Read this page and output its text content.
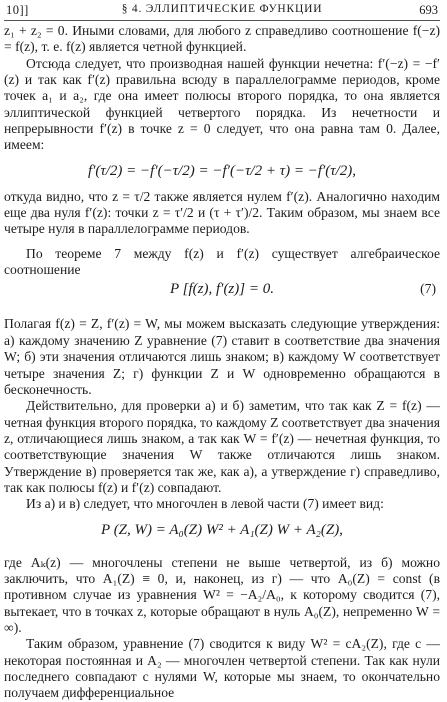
10]]	§ 4. ЭЛЛИПТИЧЕСКИЕ ФУНКЦИИ	693

z₁ + z₂ = 0. Иными словами, для любого z справедливо соотношение f(−z) = f(z), т. е. f(z) является четной функцией.

Отсюда следует, что производная нашей функции нечетна: f′(−z) = −f′(z) и так как f′(z) правильна всюду в параллелограмме периодов, кроме точек a₁ и a₂, где она имеет полюсы второго порядка, то она является эллиптической функцией четвертого порядка. Из нечетности и непрерывности f′(z) в точке z = 0 следует, что она равна там 0. Далее, имеем:

f′(τ/2) = −f′(−τ/2) = −f′(−τ/2 + τ) = −f′(τ/2),

откуда видно, что z = τ/2 также является нулем f′(z). Аналогично находим еще два нуля f′(z): точки z = τ′/2 и (τ + τ′)/2. Таким образом, мы знаем все четыре нуля в параллелограмме периодов.

По теореме 7 между f(z) и f′(z) существует алгебраическое соотношение

P [f(z), f′(z)] = 0.	(7)

Полагая f(z) = Z, f′(z) = W, мы можем высказать следующие утверждения: а) каждому значению Z уравнение (7) ставит в соответствие два значения W; б) эти значения отличаются лишь знаком; в) каждому W соответствует четыре значения Z; г) функции Z и W одновременно обращаются в бесконечность.

Действительно, для проверки а) и б) заметим, что так как Z = f(z) — четная функция второго порядка, то каждому Z соответствует два значения z, отличающиеся лишь знаком, а так как W = f′(z) — нечетная функция, то соответствующие значения W также отличаются лишь знаком. Утверждение в) проверяется так же, как а), а утверждение г) справедливо, так как полюсы f(z) и f′(z) совпадают.

Из а) и в) следует, что многочлен в левой части (7) имеет вид:

P (Z, W) = A₀(Z) W² + A₁(Z) W + A₂(Z),

где Aₖ(z) — многочлены степени не выше четвертой, из б) можно заключить, что A₁(Z) ≡ 0, и, наконец, из г) — что A₀(Z) = const (в противном случае из уравнения W² = −A₂/A₀, к которому сводится (7), вытекает, что в точках z, которые обращают в нуль A₀(Z), непременно W = ∞).

Таким образом, уравнение (7) сводится к виду W² = cA₂(Z), где c — некоторая постоянная и A₂ — многочлен четвертой степени. Так как нули последнего совпадают с нулями W, которые мы знаем, то окончательно получаем дифференциальное
